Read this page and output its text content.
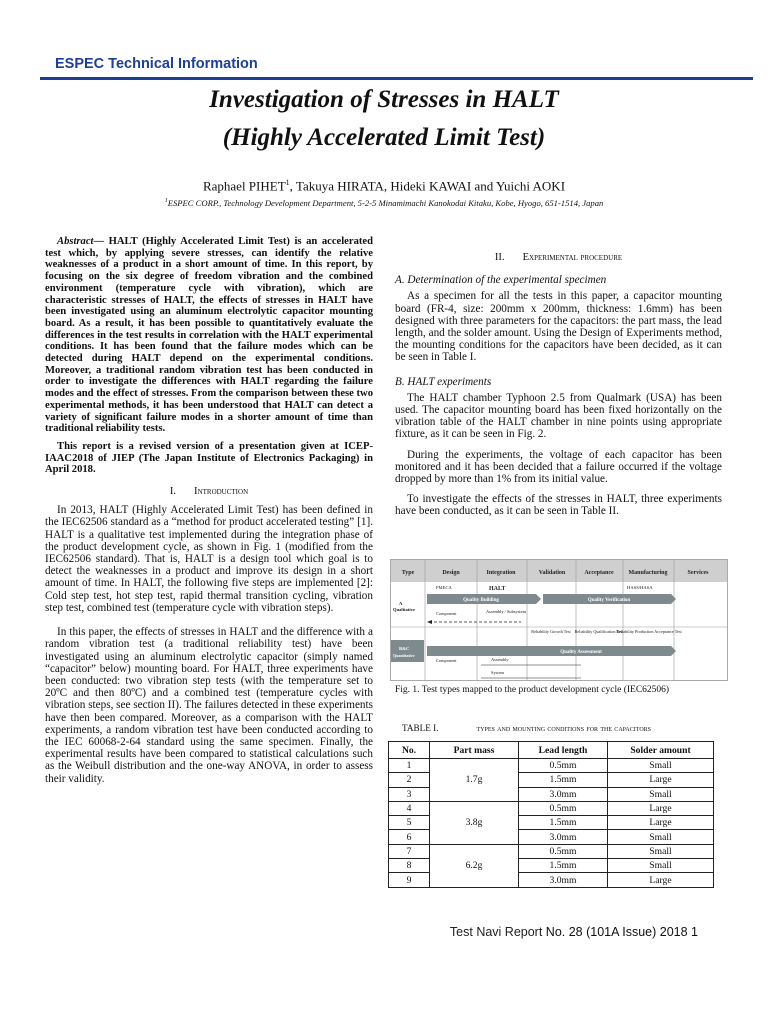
ESPEC Technical Information
Investigation of Stresses in HALT
(Highly Accelerated Limit Test)
Raphael PIHET$^1$, Takuya HIRATA, Hideki KAWAI and Yuichi AOKI
$^1$ESPEC CORP., Technology Development Department, 5-2-5 Minamimachi Kanokodai Kitaku, Kobe, Hyogo, 651-1514, Japan

Abstract— HALT (Highly Accelerated Limit Test) is an accelerated test which, by applying severe stresses, can identify the relative weaknesses of a product in a short amount of time. In this report, by focusing on the six degree of freedom vibration and the combined environment (temperature cycle with vibration), which are characteristic stresses of HALT, the effects of stresses in HALT have been investigated using an aluminum electrolytic capacitor mounting board. As a result, it has been possible to quantitatively evaluate the differences in the test results in correlation with the HALT experimental conditions. It has been found that the failure modes which can be detected during HALT depend on the experimental conditions. Moreover, a traditional random vibration test has been conducted in order to investigate the differences with HALT regarding the failure modes and the effect of stresses. From the comparison between these two experimental methods, it has been understood that HALT can detect a variety of significant failure modes in a shorter amount of time than traditional reliability tests.

This report is a revised version of a presentation given at ICEP-IAAC2018 of JIEP (The Japan Institute of Electronics Packaging) in April 2018.

I. Introduction

In 2013, HALT (Highly Accelerated Limit Test) has been defined in the IEC62506 standard as a “method for product accelerated testing” [1]. HALT is a qualitative test implemented during the integration phase of the product development cycle, as shown in Fig. 1 (modified from the IEC62506 standard). That is, HALT is a design tool which goal is to detect the weaknesses in a product and improve its design in a short amount of time. In HALT, the following five steps are implemented [2]: Cold step test, hot step test, rapid thermal transition cycling, vibration step test, combined test (temperature cycle with vibration steps).

In this paper, the effects of stresses in HALT and the difference with a random vibration test (a traditional reliability test) have been investigated using an aluminum electrolytic capacitor (simply named “capacitor” below) mounting board. For HALT, three experiments have been conducted: two vibration step tests (with the temperature set to 20ºC and then 80ºC) and a combined test (temperature cycles with vibration steps, see section II). The failures detected in these experiments have then been compared. Moreover, as a comparison with the HALT experiments, a random vibration test have been conducted according to the IEC 60068-2-64 standard using the same specimen. Finally, the experimental results have been compared to statistical calculations such as the Weibull distribution and the one-way ANOVA, in order to assess their validity.

II. Experimental procedure

A. Determination of the experimental specimen

As a specimen for all the tests in this paper, a capacitor mounting board (FR-4, size: 200mm x 200mm, thickness: 1.6mm) has been designed with three parameters for the capacitors: the part mass, the lead length, and the solder amount. Using the Design of Experiments method, the mounting conditions for the capacitors have been decided, as it can be seen in Table I.

B. HALT experiments

The HALT chamber Typhoon 2.5 from Qualmark (USA) has been used. The capacitor mounting board has been fixed horizontally on the vibration table of the HALT chamber in nine points using appropriate fixture, as it can be seen in Fig. 2.

During the experiments, the voltage of each capacitor has been monitored and it has been decided that a failure occurred if the voltage dropped by more than 1% from its initial value.

To investigate the effects of the stresses in HALT, three experiments have been conducted, as it can be seen in Table II.

Type	Design	Integration	Validation	Acceptance Manufacturing	Services
FMECA	HALT	HASS/HASA
A
Qualitative
Quality Building	Quality Verification
Component	Assembly / Subsystem
Reliability Growth Test Reliability Qualification Test
Reliability Production Acceptance Test
Quality Assessment
B&C
Quantitative
Component	Assembly
System
Fig. 1. Test types mapped to the product development cycle (IEC62506)
TABLE I.	types and mounting conditions for the capacitors
No.	Part mass	Lead length	Solder amount
1	1.7g	0.5mm	Small
2		1.5mm	Large
3		3.0mm	Small
4	3.8g	0.5mm	Large
5		1.5mm	Large
6		3.0mm	Small
7	6.2g	0.5mm	Small
8		1.5mm	Small
9		3.0mm	Large
Test Navi Report No. 28 (101A Issue) 2018 1
